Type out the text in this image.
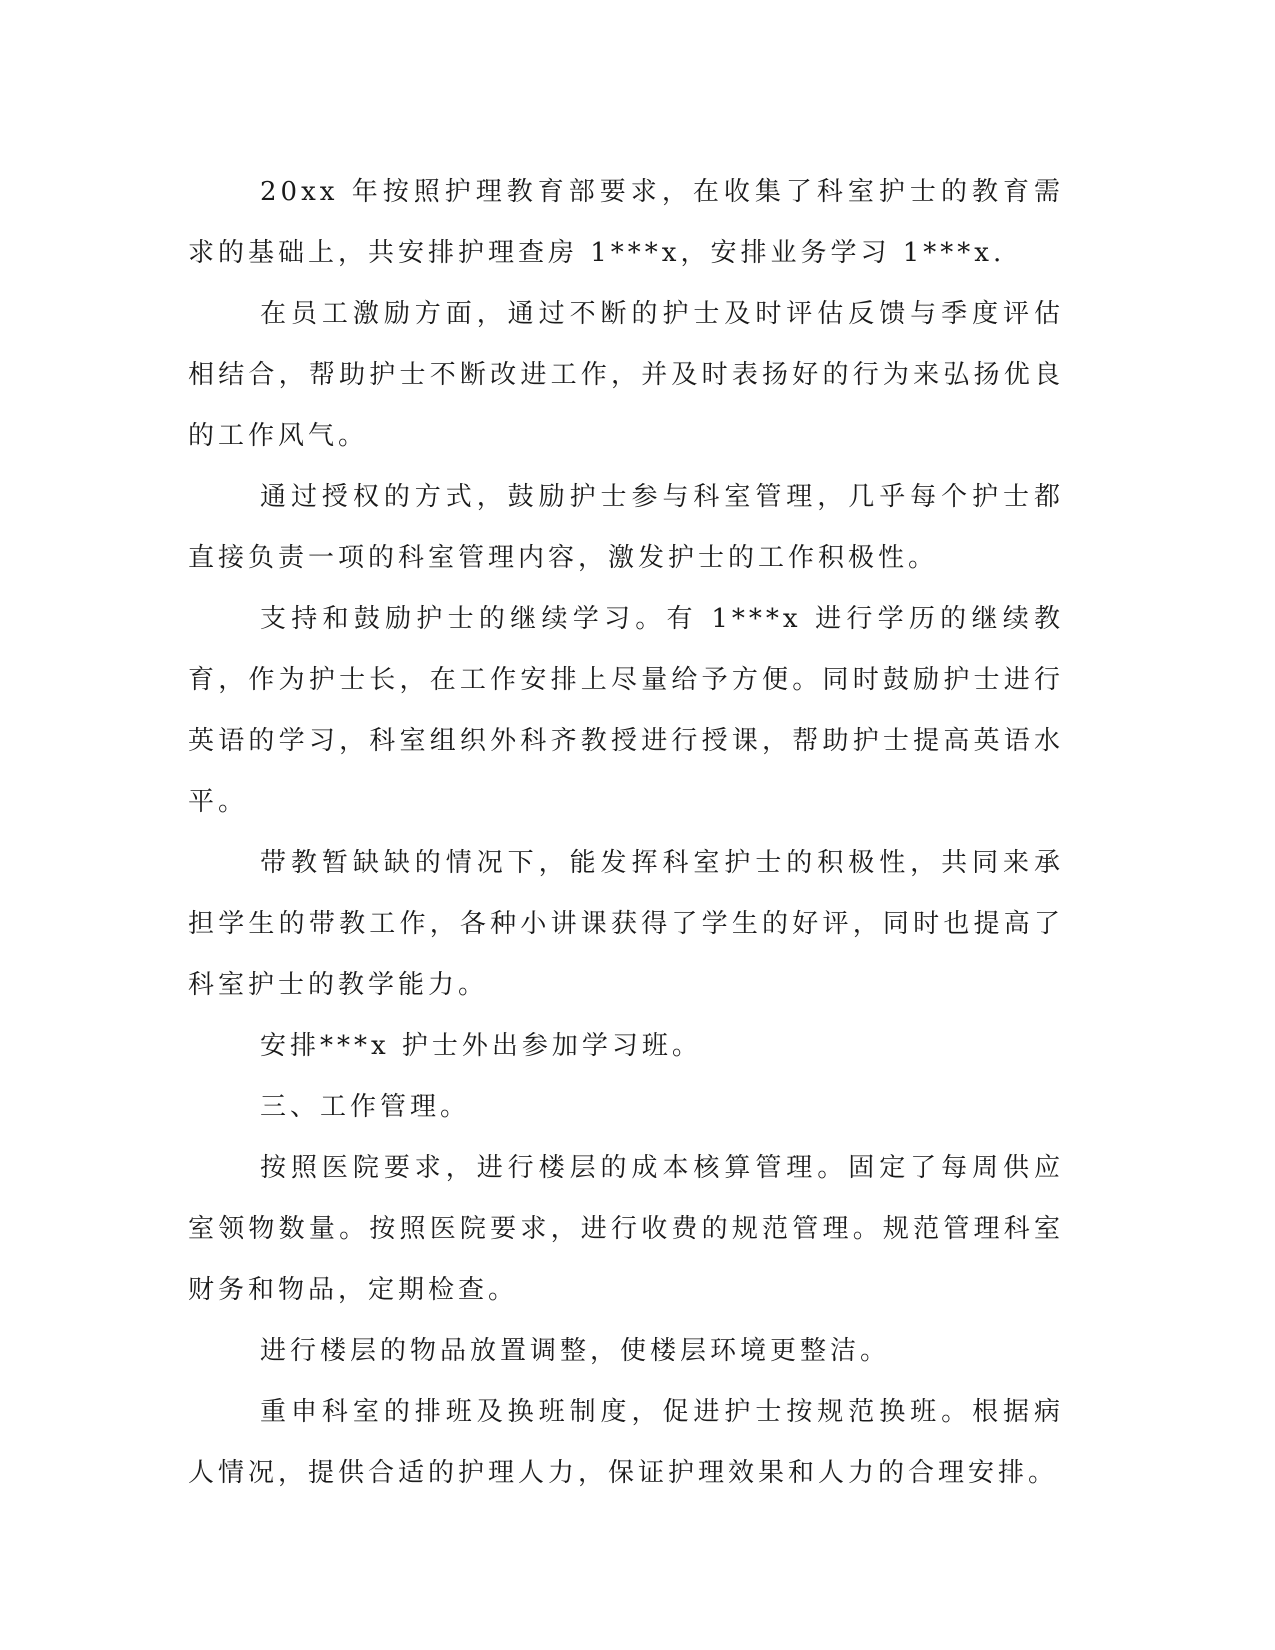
20xx 年按照护理教育部要求，在收集了科室护士的教育需求的基础上，共安排护理查房 1***x，安排业务学习 1***x.

在员工激励方面，通过不断的护士及时评估反馈与季度评估相结合，帮助护士不断改进工作，并及时表扬好的行为来弘扬优良的工作风气。

通过授权的方式，鼓励护士参与科室管理，几乎每个护士都直接负责一项的科室管理内容，激发护士的工作积极性。

支持和鼓励护士的继续学习。有 1***x 进行学历的继续教育，作为护士长，在工作安排上尽量给予方便。同时鼓励护士进行英语的学习，科室组织外科齐教授进行授课，帮助护士提高英语水平。

带教暂缺缺的情况下，能发挥科室护士的积极性，共同来承担学生的带教工作，各种小讲课获得了学生的好评，同时也提高了科室护士的教学能力。

安排***x 护士外出参加学习班。

三、工作管理。

按照医院要求，进行楼层的成本核算管理。固定了每周供应室领物数量。按照医院要求，进行收费的规范管理。规范管理科室财务和物品，定期检查。

进行楼层的物品放置调整，使楼层环境更整洁。

重申科室的排班及换班制度，促进护士按规范换班。根据病人情况，提供合适的护理人力，保证护理效果和人力的合理安排。
